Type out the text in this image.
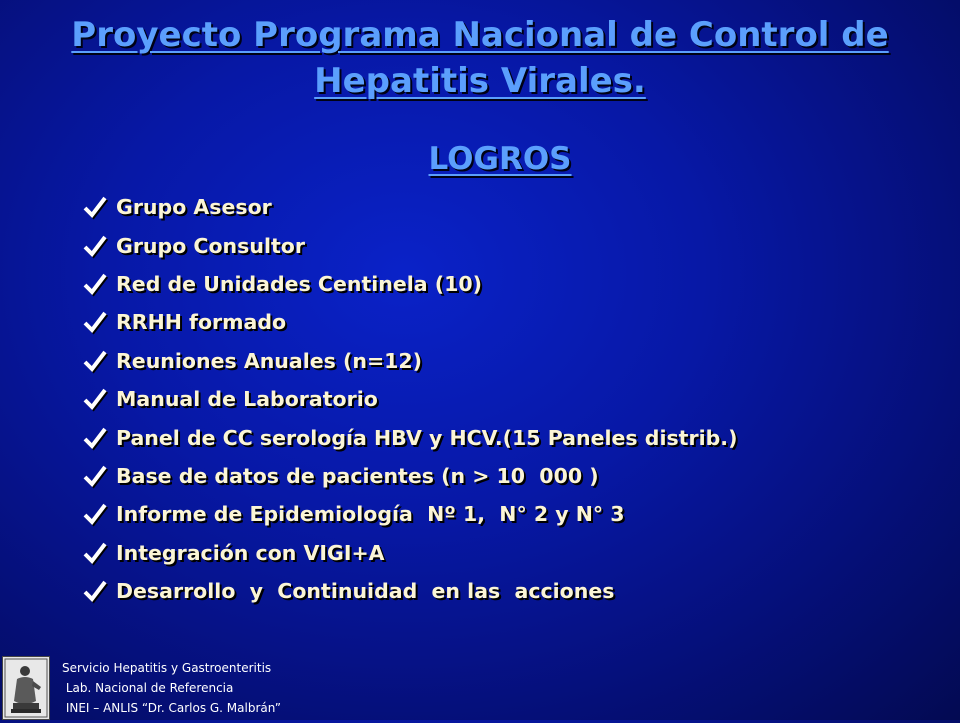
Proyecto Programa Nacional de Control de Hepatitis Virales.
LOGROS
Grupo Asesor
Grupo Consultor
Red de Unidades Centinela (10)
RRHH formado
Reuniones Anuales (n=12)
Manual de Laboratorio
Panel de CC serología HBV y HCV.(15 Paneles distrib.)
Base de datos de pacientes (n > 10  000 )
Informe de Epidemiología  Nº 1,  N° 2 y N° 3
Integración con VIGI+A
Desarrollo  y  Continuidad  en las  acciones
Servicio Hepatitis y Gastroenteritis
Lab. Nacional de Referencia
INEI – ANLIS “Dr. Carlos G. Malbrán”
